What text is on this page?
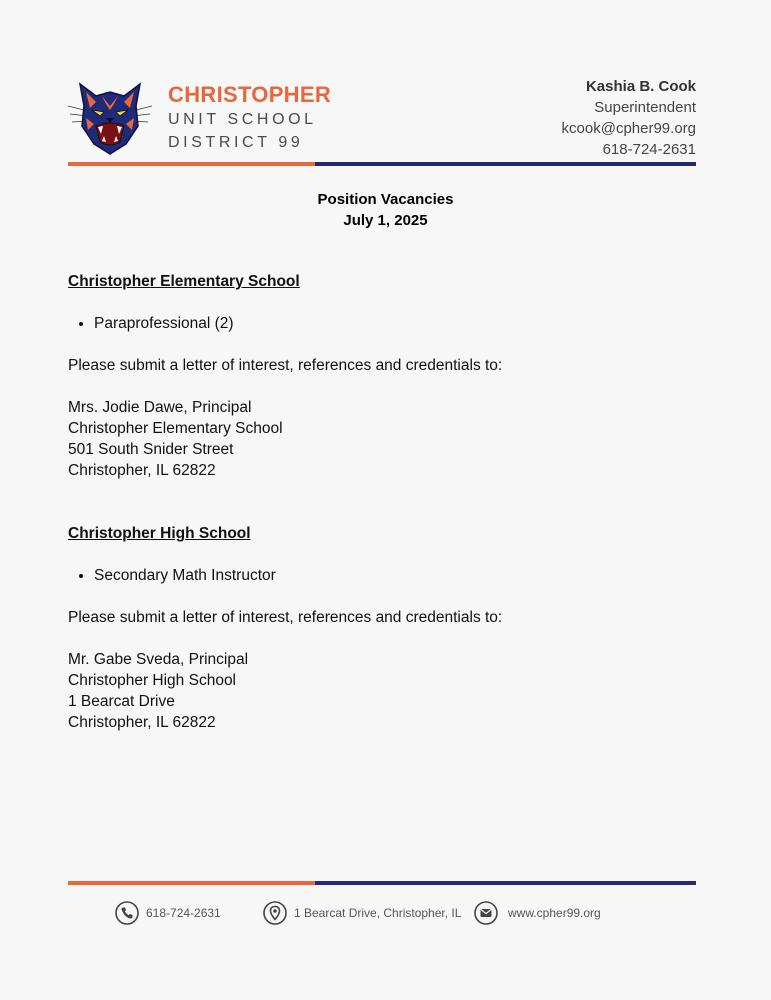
CHRISTOPHER
UNIT SCHOOL
DISTRICT 99
Kashia B. Cook
Superintendent
kcook@cpher99.org
618-724-2631
Position Vacancies
July 1, 2025
Christopher Elementary School
• Paraprofessional (2)
Please submit a letter of interest, references and credentials to:
Mrs. Jodie Dawe, Principal
Christopher Elementary School
501 South Snider Street
Christopher, IL 62822
Christopher High School
• Secondary Math Instructor
Please submit a letter of interest, references and credentials to:
Mr. Gabe Sveda, Principal
Christopher High School
1 Bearcat Drive
Christopher, IL 62822
618-724-2631	1 Bearcat Drive, Christopher, IL	www.cpher99.org
